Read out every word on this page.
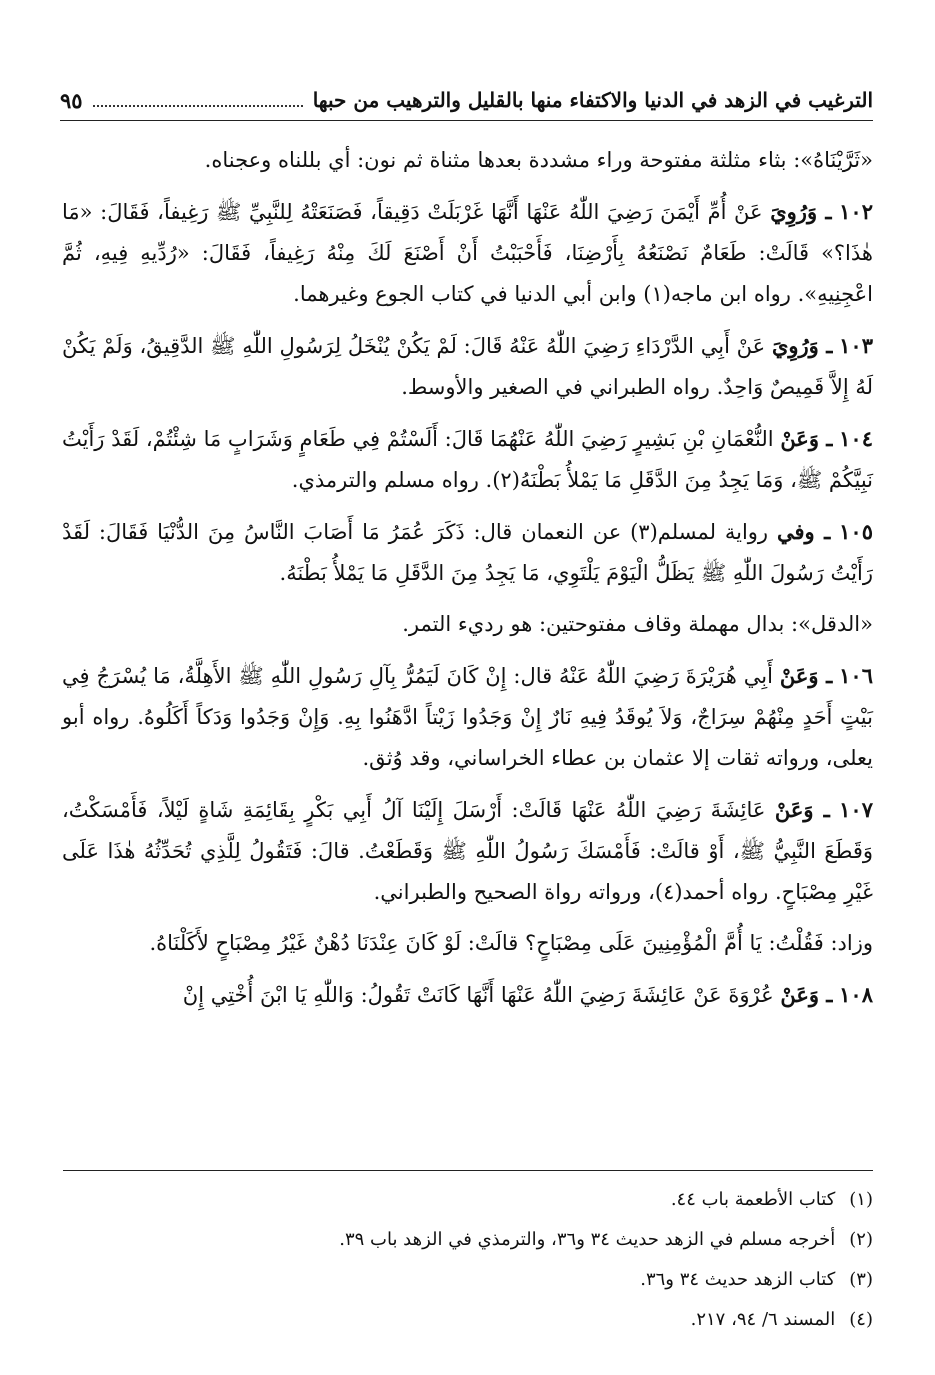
الترغيب في الزهد في الدنيا والاكتفاء منها بالقليل والترهيب من حبها
٩٥

«ثَرَّيْنَاهُ»: بثاء مثلثة مفتوحة وراء مشددة بعدها مثناة ثم نون: أي بللناه وعجناه.

١٠٢ ـ وَرُوِيَ عَنْ أُمِّ أَيْمَنَ رَضِيَ اللّٰهُ عَنْهَا أَنَّهَا غَرْبَلَتْ دَقِيقاً، فَصَنَعَتْهُ لِلنَّبِيِّ ﷺ رَغِيفاً، فَقَالَ: «مَا هٰذَا؟» قَالَتْ: طَعَامٌ نَصْنَعُهُ بِأَرْضِنَا، فَأَحْبَبْتُ أَنْ أَصْنَعَ لَكَ مِنْهُ رَغِيفاً، فَقَالَ: «رُدِّيهِ فِيهِ، ثُمَّ اعْجِنِيهِ». رواه ابن ماجه(١) وابن أبي الدنيا في كتاب الجوع وغيرهما.

١٠٣ ـ وَرُوِيَ عَنْ أَبِي الدَّرْدَاءِ رَضِيَ اللّٰهُ عَنْهُ قَالَ: لَمْ يَكُنْ يُنْخَلُ لِرَسُولِ اللّٰهِ ﷺ الدَّقِيقُ، وَلَمْ يَكُنْ لَهُ إِلاَّ قَمِيصٌ وَاحِدٌ. رواه الطبراني في الصغير والأوسط.

١٠٤ ـ وَعَنْ النُّعْمَانِ بْنِ بَشِيرٍ رَضِيَ اللّٰهُ عَنْهُمَا قَالَ: أَلَسْتُمْ فِي طَعَامٍ وَشَرَابٍ مَا شِئْتُمْ، لَقَدْ رَأَيْتُ نَبِيَّكُمْ ﷺ، وَمَا يَجِدُ مِنَ الدَّقَلِ مَا يَمْلأُ بَطْنَهُ(٢). رواه مسلم والترمذي.

١٠٥ ـ وفي رواية لمسلم(٣) عن النعمان قال: ذَكَرَ عُمَرُ مَا أَصَابَ النَّاسُ مِنَ الدُّنْيَا فَقَالَ: لَقَدْ رَأَيْتُ رَسُولَ اللّٰهِ ﷺ يَظَلُّ الْيَوْمَ يَلْتَوِي، مَا يَجِدُ مِنَ الدَّقَلِ مَا يَمْلأُ بَطْنَهُ.

«الدقل»: بدال مهملة وقاف مفتوحتين: هو رديء التمر.

١٠٦ ـ وَعَنْ أَبِي هُرَيْرَةَ رَضِيَ اللّٰهُ عَنْهُ قال: إِنْ كَانَ لَيَمُرُّ بِآلِ رَسُولِ اللّٰهِ ﷺ الأَهِلَّةُ، مَا يُسْرَجُ فِي بَيْتٍ أَحَدٍ مِنْهُمْ سِرَاجٌ، وَلاَ يُوقَدُ فِيهِ نَارٌ إِنْ وَجَدُوا زَيْتاً ادَّهَنُوا بِهِ. وَإِنْ وَجَدُوا وَدَكاً أَكَلُوهُ. رواه أبو يعلى، ورواته ثقات إلا عثمان بن عطاء الخراساني، وقد وُثق.

١٠٧ ـ وَعَنْ عَائِشَةَ رَضِيَ اللّٰهُ عَنْهَا قَالَتْ: أَرْسَلَ إِلَيْنَا آلُ أَبِي بَكْرٍ بِقَائِمَةِ شَاةٍ لَيْلاً، فَأَمْسَكْتُ، وَقَطَعَ النَّبِيُّ ﷺ، أَوْ قالَتْ: فَأَمْسَكَ رَسُولُ اللّٰهِ ﷺ وَقَطَعْتُ. قالَ: فَتَقُولُ لِلَّذِي تُحَدِّثُهُ هٰذَا عَلَى غَيْرِ مِصْبَاحٍ. رواه أحمد(٤)، ورواته رواة الصحيح والطبراني.

وزاد: فَقُلْتُ: يَا أُمَّ الْمُؤْمِنِينَ عَلَى مِصْبَاحٍ؟ قالَتْ: لَوْ كَانَ عِنْدَنَا دُهْنٌ غَيْرُ مِصْبَاحٍ لأَكَلْنَاهُ.

١٠٨ ـ وَعَنْ عُرْوَةَ عَنْ عَائِشَةَ رَضِيَ اللّٰهُ عَنْهَا أَنَّهَا كَانَتْ تَقُولُ: وَاللّٰهِ يَا ابْنَ أُخْتِي إِنْ

(١)
كتاب الأطعمة باب ٤٤.
(٢)
أخرجه مسلم في الزهد حديث ٣٤ و٣٦، والترمذي في الزهد باب ٣٩.
(٣)
كتاب الزهد حديث ٣٤ و٣٦.
(٤)
المسند ٦/ ٩٤، ٢١٧.
